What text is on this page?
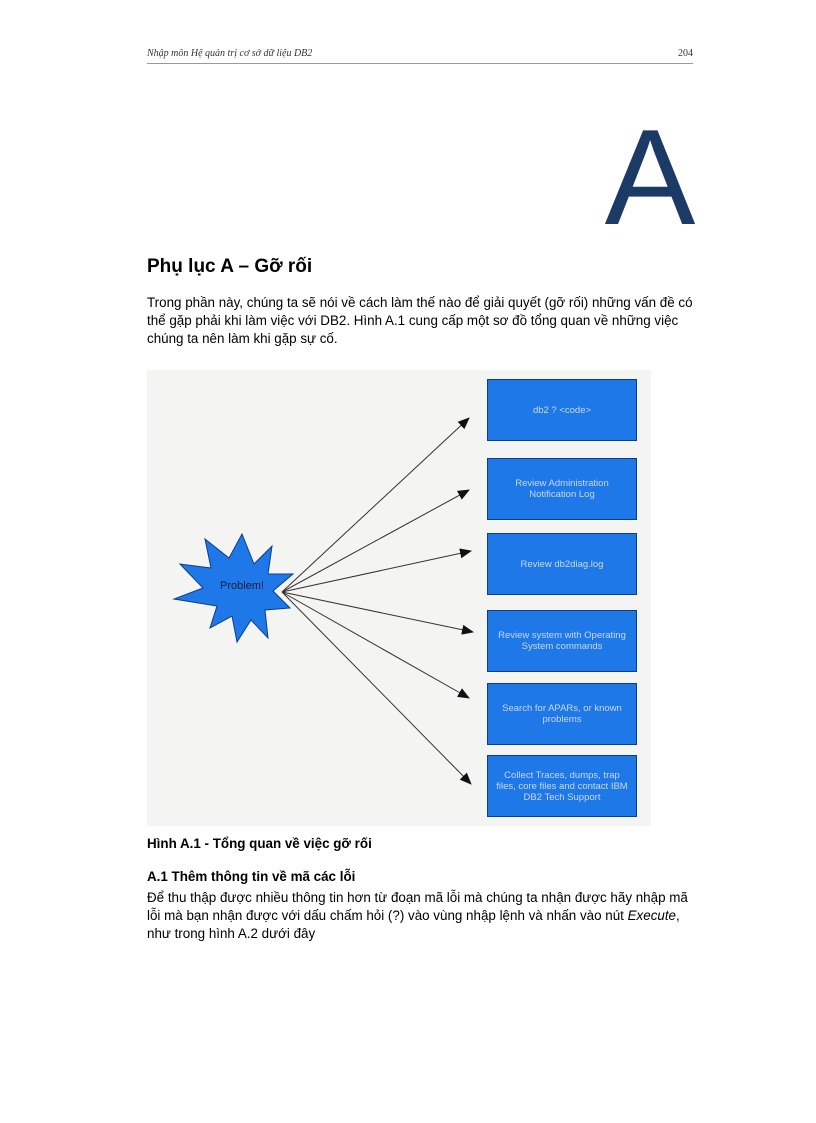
Nhập môn Hệ quản trị cơ sở dữ liệu DB2	204
A
Phụ lục A – Gỡ rối

Trong phần này, chúng ta sẽ nói về cách làm thế nào để giải quyết (gỡ rối) những vấn đề có thể gặp phải khi làm việc với DB2. Hình A.1 cung cấp một sơ đồ tổng quan về những việc chúng ta nên làm khi gặp sự cố.

Problem!
db2 ? <code>
Review Administration Notification Log
Review db2diag.log
Review system with Operating System commands
Search for APARs, or known problems
Collect Traces, dumps, trap files, core files and contact IBM DB2 Tech Support

Hình A.1 - Tổng quan về việc gỡ rối

A.1 Thêm thông tin về mã các lỗi

Để thu thập được nhiều thông tin hơn từ đoạn mã lỗi mà chúng ta nhận được hãy nhập mã lỗi mà bạn nhận được với dấu chấm hỏi (?) vào vùng nhập lệnh và nhấn vào nút Execute, như trong hình A.2 dưới đây
